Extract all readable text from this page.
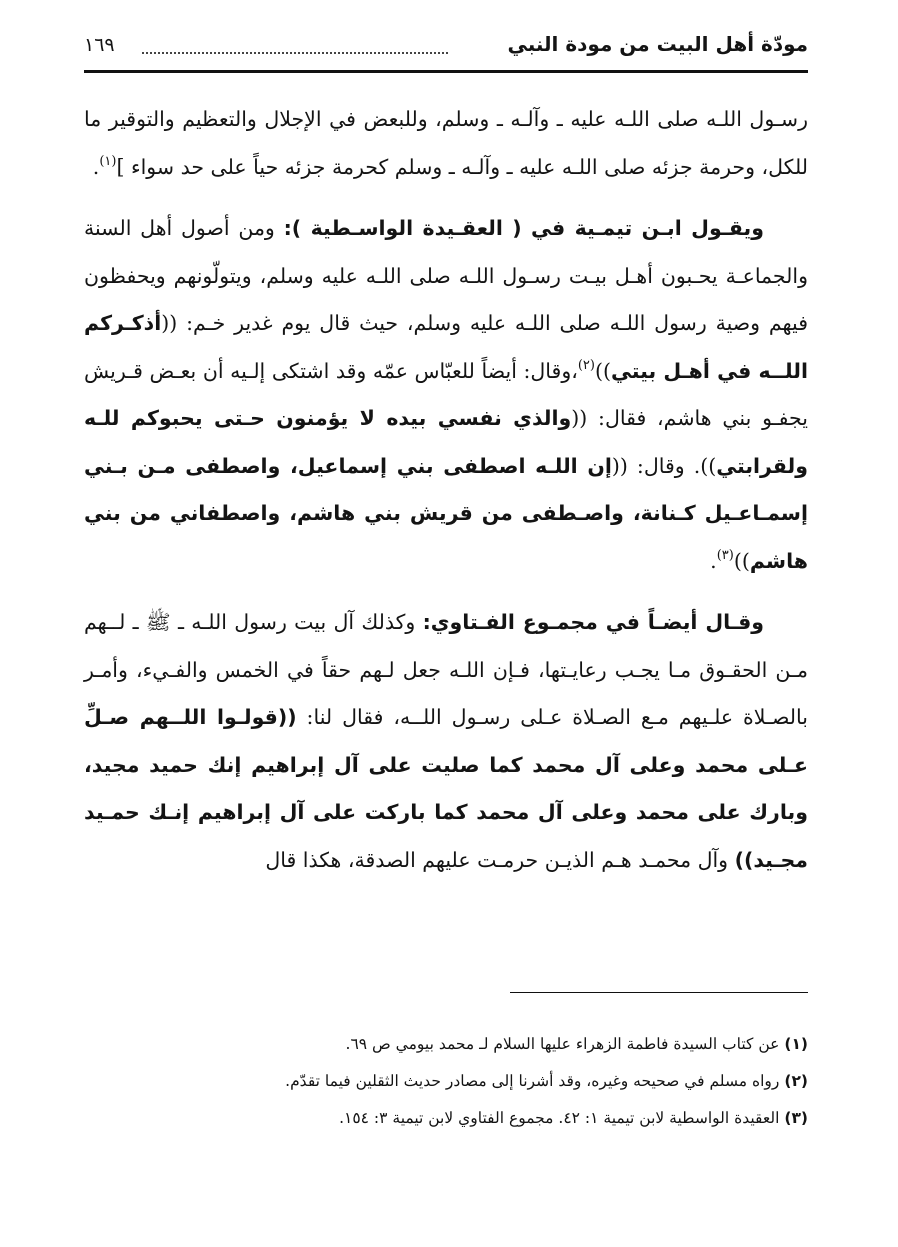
مودّة أهل البيت من مودة النبي
١٦٩

رسـول اللـه صلى اللـه عليه ـ وآلـه ـ وسلم، وللبعض في الإجلال والتعظيم والتوقير ما للكل، وحرمة جزئه صلى اللـه عليه ـ وآلـه ـ وسلم كحرمة جزئه حياً على حد سواء ]$^{(١)}$.

ويقـول ابـن تيمـية في ( العقـيدة الواسـطية ): ومن أصول أهل السنة والجماعـة يحـبون أهـل بيـت رسـول اللـه صلى اللـه عليه وسلم، ويتولّونهم ويحفظون فيهم وصية رسول اللـه صلى اللـه عليه وسلم، حيث قال يوم غدير خـم: ((أذكـركم اللــه في أهـل بيتي))$^{(٢)}$،وقال: أيضاً للعبّاس عمّه وقد اشتكى إلـيه أن بعـض قـريش يجفـو بني هاشم، فقال: ((والذي نفسي بيده لا يؤمنون حـتى يحبوكم للـه ولقرابتي)). وقال: ((إن اللـه اصطفى بني إسماعيل، واصطفى مـن بـني إسمـاعـيل كـنانة، واصـطفى من قريش بني هاشم، واصطفاني من بني هاشم))$^{(٣)}$.

وقـال أيضـاً في مجمـوع الفـتاوي: وكذلك آل بيت رسول اللـه ـ ﷺ ـ لــهم مـن الحقـوق مـا يجـب رعايـتها، فـإن اللـه جعل لـهم حقاً في الخمس والفـيء، وأمـر بالصـلاة علـيهم مـع الصـلاة عـلى رسـول اللــه، فقال لنا: ((قولـوا اللــهم صـلِّ عـلى محمد وعلى آل محمد كما صليت على آل إبراهيم إنك حميد مجيد، وبارك على محمد وعلى آل محمد كما باركت على آل إبراهيم إنـك حمـيد مجـيد)) وآل محمـد هـم الذيـن حرمـت عليهم الصدقة، هكذا قال

(١) عن كتاب السيدة فاطمة الزهراء عليها السلام لـ محمد بيومي ص ٦٩.
(٢) رواه مسلم في صحيحه وغيره، وقد أشرنا إلى مصادر حديث الثقلين فيما تقدّم.
(٣) العقيدة الواسطية لابن تيمية ١: ٤٢. مجموع الفتاوي لابن تيمية ٣: ١٥٤.
